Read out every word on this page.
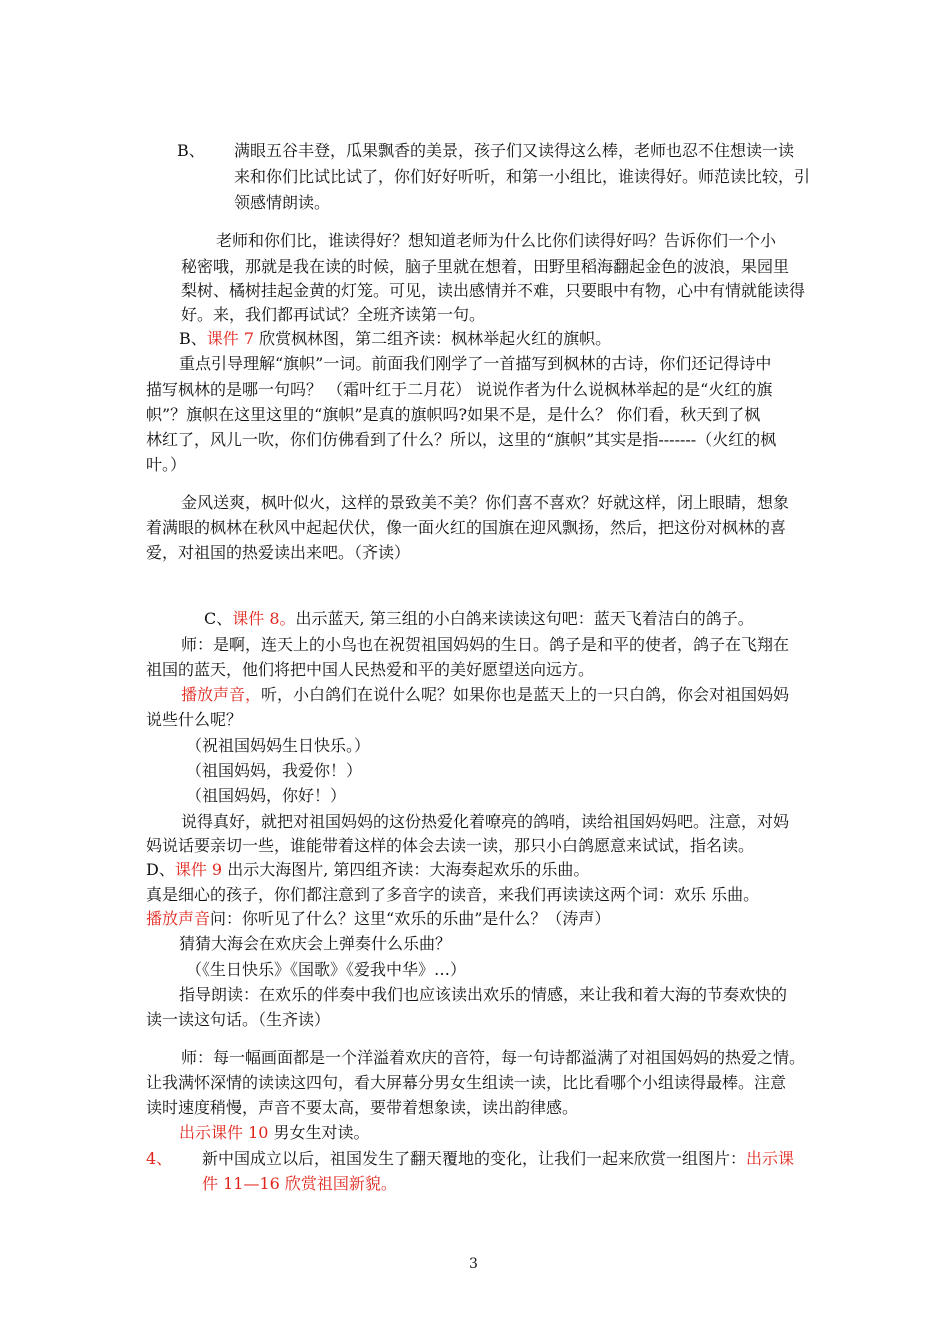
B、 满眼五谷丰登，瓜果飘香的美景，孩子们又读得这么棒，老师也忍不住想读一读
来和你们比试比试了，你们好好听听，和第一小组比，谁读得好。师范读比较，引
领感情朗读。
老师和你们比，谁读得好？想知道老师为什么比你们读得好吗？告诉你们一个小
秘密哦，那就是我在读的时候，脑子里就在想着，田野里稻海翻起金色的波浪，果园里
梨树、橘树挂起金黄的灯笼。可见，读出感情并不难，只要眼中有物，心中有情就能读得
好。来，我们都再试试？全班齐读第一句。
B、课件 7 欣赏枫林图，第二组齐读：枫林举起火红的旗帜。
重点引导理解“旗帜”一词。前面我们刚学了一首描写到枫林的古诗，你们还记得诗中
描写枫林的是哪一句吗？ （霜叶红于二月花） 说说作者为什么说枫林举起的是“火红的旗
帜”？旗帜在这里这里的“旗帜”是真的旗帜吗?如果不是，是什么？ 你们看，秋天到了枫
林红了，风儿一吹，你们仿佛看到了什么？所以，这里的“旗帜”其实是指-------（火红的枫
叶。）
金风送爽，枫叶似火，这样的景致美不美？你们喜不喜欢？好就这样，闭上眼睛，想象
着满眼的枫林在秋风中起起伏伏，像一面火红的国旗在迎风飘扬，然后，把这份对枫林的喜
爱，对祖国的热爱读出来吧。（齐读）
C、课件 8。出示蓝天, 第三组的小白鸽来读读这句吧：蓝天飞着洁白的鸽子。
师：是啊，连天上的小鸟也在祝贺祖国妈妈的生日。鸽子是和平的使者，鸽子在飞翔在
祖国的蓝天，他们将把中国人民热爱和平的美好愿望送向远方。
播放声音，听，小白鸽们在说什么呢？如果你也是蓝天上的一只白鸽，你会对祖国妈妈
说些什么呢？
（祝祖国妈妈生日快乐。）
（祖国妈妈，我爱你！）
（祖国妈妈，你好！）
说得真好，就把对祖国妈妈的这份热爱化着嘹亮的鸽哨，读给祖国妈妈吧。注意，对妈
妈说话要亲切一些，谁能带着这样的体会去读一读，那只小白鸽愿意来试试，指名读。
D、课件 9 出示大海图片, 第四组齐读：大海奏起欢乐的乐曲。
真是细心的孩子，你们都注意到了多音字的读音，来我们再读读这两个词：欢乐 乐曲。
播放声音问：你听见了什么？这里“欢乐的乐曲”是什么？（涛声）
猜猜大海会在欢庆会上弹奏什么乐曲？
（《生日快乐》《国歌》《爱我中华》…）
指导朗读：在欢乐的伴奏中我们也应该读出欢乐的情感，来让我和着大海的节奏欢快的
读一读这句话。（生齐读）
师：每一幅画面都是一个洋溢着欢庆的音符，每一句诗都溢满了对祖国妈妈的热爱之情。
让我满怀深情的读读这四句，看大屏幕分男女生组读一读，比比看哪个小组读得最棒。注意
读时速度稍慢，声音不要太高，要带着想象读，读出韵律感。
出示课件 10 男女生对读。
4、 新中国成立以后，祖国发生了翻天覆地的变化，让我们一起来欣赏一组图片：出示课
件 11—16 欣赏祖国新貌。
3
